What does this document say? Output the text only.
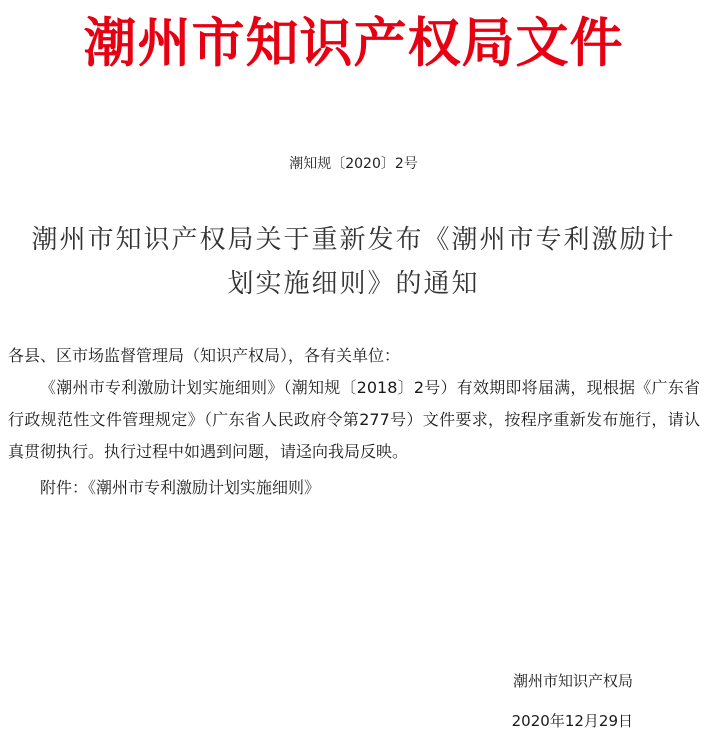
潮州市知识产权局文件
潮知规〔2020〕2号
潮州市知识产权局关于重新发布《潮州市专利激励计
划实施细则》的通知

各县、区市场监督管理局（知识产权局），各有关单位：

《潮州市专利激励计划实施细则》（潮知规〔2018〕2号）有效期即将届满，现根据《广东省行政规范性文件管理规定》（广东省人民政府令第277号）文件要求，按程序重新发布施行，请认真贯彻执行。执行过程中如遇到问题，请迳向我局反映。

附件：《潮州市专利激励计划实施细则》

潮州市知识产权局
2020年12月29日
